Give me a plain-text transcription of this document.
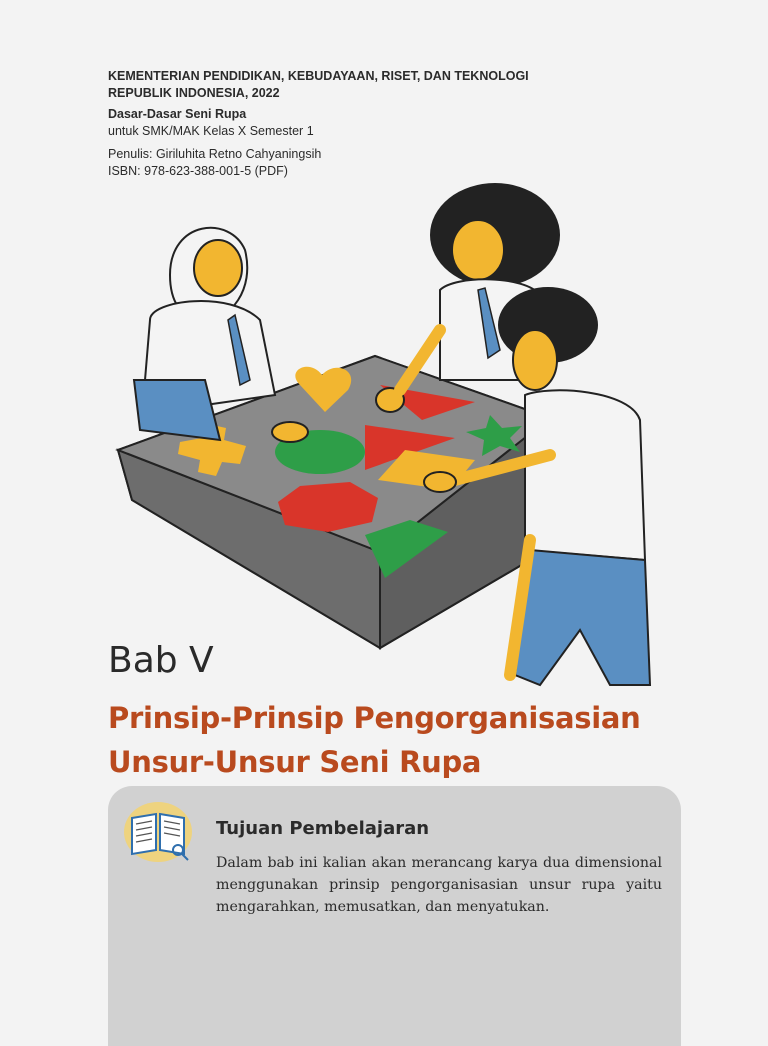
KEMENTERIAN PENDIDIKAN, KEBUDAYAAN, RISET, DAN TEKNOLOGI
REPUBLIK INDONESIA, 2022
Dasar-Dasar Seni Rupa
untuk SMK/MAK Kelas X Semester 1
Penulis: Giriluhita Retno Cahyaningsih
ISBN: 978-623-388-001-5 (PDF)
Bab V
Prinsip-Prinsip Pengorganisasian
Unsur-Unsur Seni Rupa
Tujuan Pembelajaran
Dalam bab ini kalian akan merancang karya dua dimensional menggunakan prinsip pengorganisasian unsur rupa yaitu mengarahkan, memusatkan, dan menyatukan.
